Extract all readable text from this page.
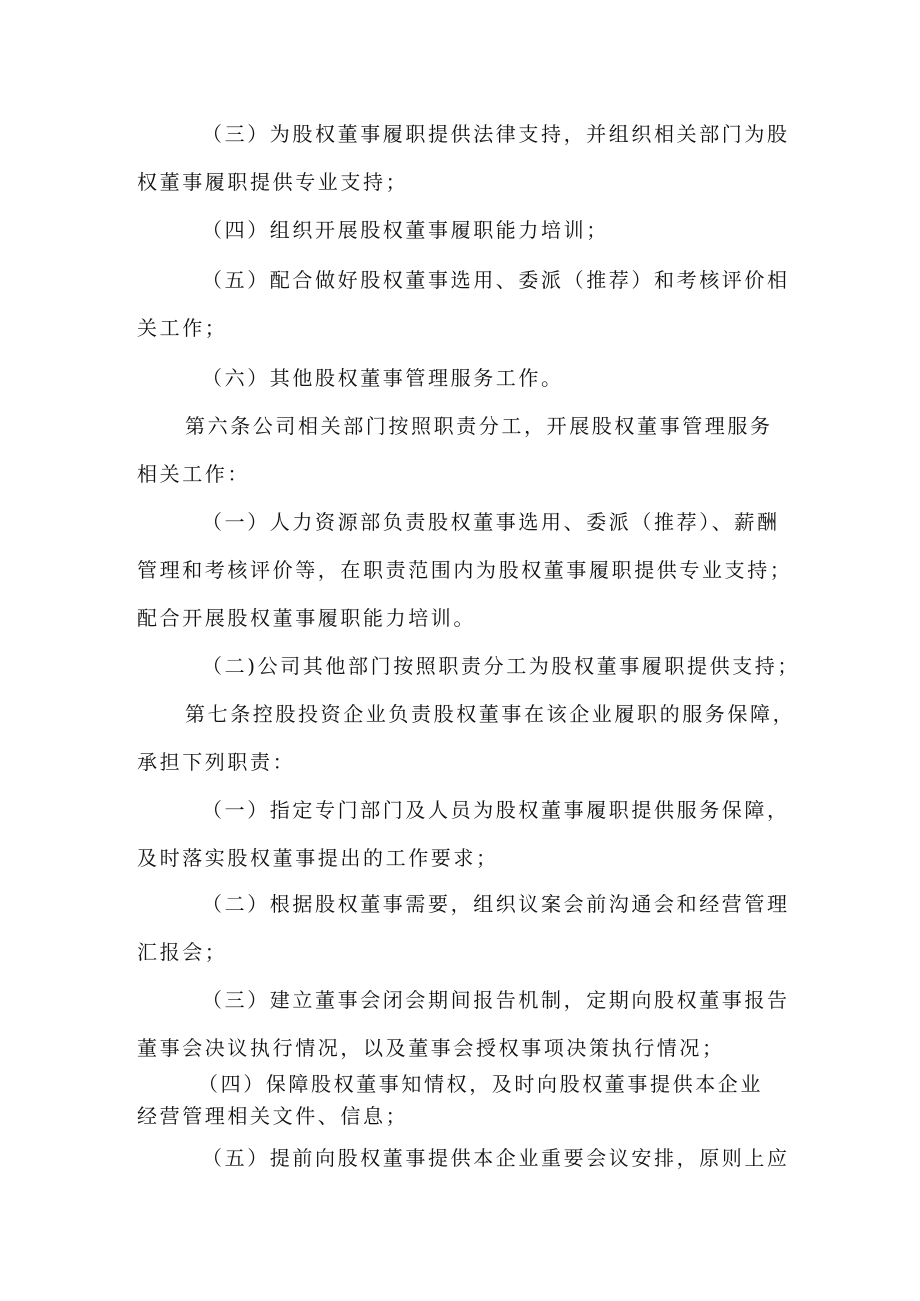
（三）为股权董事履职提供法律支持，并组织相关部门为股
权董事履职提供专业支持；
（四）组织开展股权董事履职能力培训；
（五）配合做好股权董事选用、委派（推荐）和考核评价相
关工作；
（六）其他股权董事管理服务工作。
第六条公司相关部门按照职责分工，开展股权董事管理服务
相关工作：
（一）人力资源部负责股权董事选用、委派（推荐）、薪酬
管理和考核评价等，在职责范围内为股权董事履职提供专业支持；
配合开展股权董事履职能力培训。
（二)公司其他部门按照职责分工为股权董事履职提供支持；
第七条控股投资企业负责股权董事在该企业履职的服务保障，
承担下列职责：
（一）指定专门部门及人员为股权董事履职提供服务保障，
及时落实股权董事提出的工作要求；
（二）根据股权董事需要，组织议案会前沟通会和经营管理
汇报会；
（三）建立董事会闭会期间报告机制，定期向股权董事报告
董事会决议执行情况，以及董事会授权事项决策执行情况；
（四）保障股权董事知情权，及时向股权董事提供本企业
经营管理相关文件、信息；
（五）提前向股权董事提供本企业重要会议安排，原则上应
